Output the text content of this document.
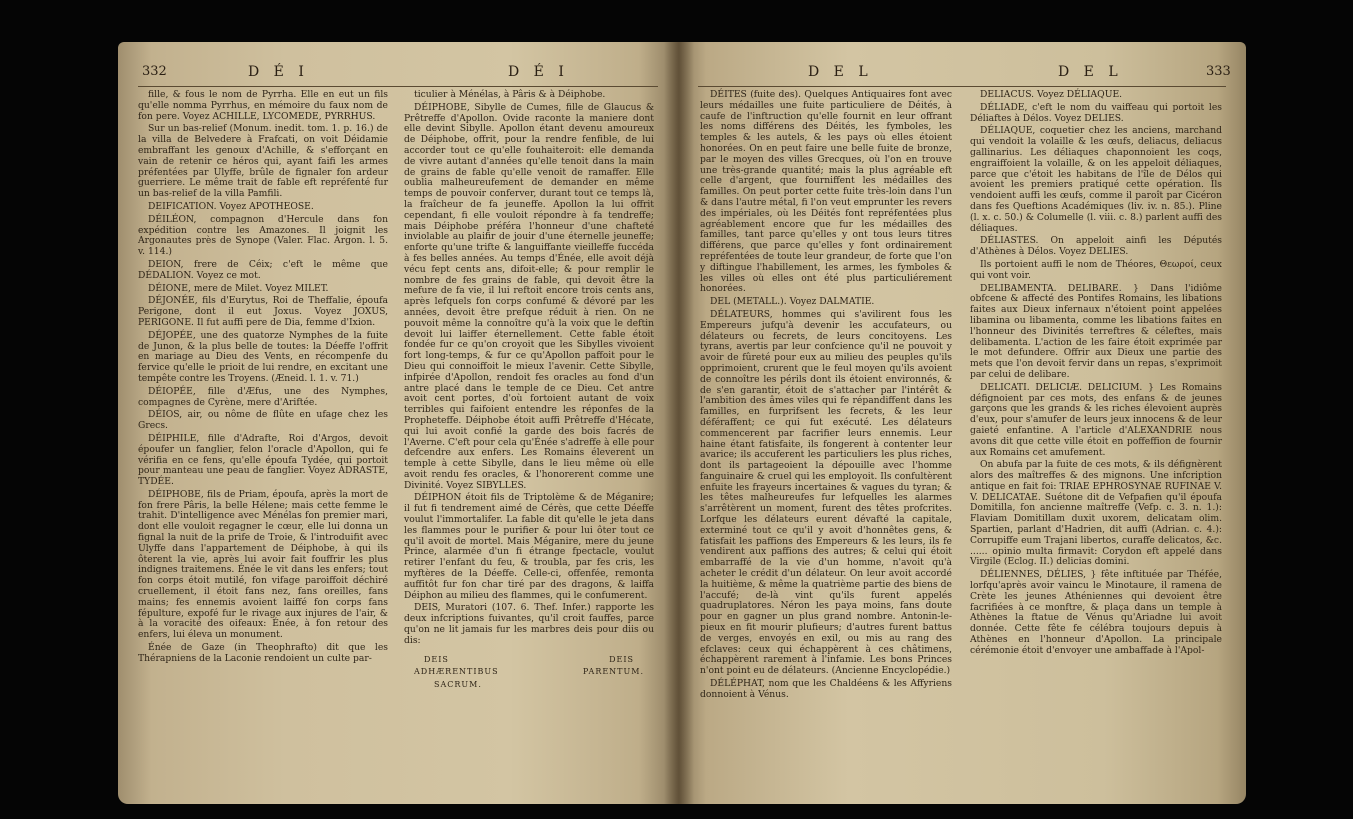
332	D É I	D É I

fille, & fous le nom de Pyrrha. Elle en eut un fils qu'elle nomma Pyrrhus, en mémoire du faux nom de fon pere. Voyez ACHILLE, LYCOMEDE, PYRRHUS.

Sur un bas-relief (Monum. inedit. tom. 1. p. 16.) de la villa de Belvedere à Frafcati, on voit Déidamie embraffant les genoux d'Achille, & s'efforçant en vain de retenir ce héros qui, ayant faifi les armes préfentées par Ulyffe, brûle de fignaler fon ardeur guerriere. Le même trait de fable eft repréfenté fur un bas-relief de la villa Pamfili.

DEIFICATION. Voyez APOTHEOSE.

DÉILÉON, compagnon d'Hercule dans fon expédition contre les Amazones. Il joignit les Argonautes près de Synope (Valer. Flac. Argon. l. 5. v. 114.)

DEION, frere de Céix; c'eft le même que DÉDALION. Voyez ce mot.

DÉIONE, mere de Milet. Voyez MILET.

DÉJONÉE, fils d'Eurytus, Roi de Theffalie, époufa Perigone, dont il eut Joxus. Voyez JOXUS, PERIGONE. Il fut auffi pere de Dia, femme d'Ixion.

DÉJOPÉE, une des quatorze Nymphes de la fuite de Junon, & la plus belle de toutes: la Déeffe l'offrit en mariage au Dieu des Vents, en récompenfe du fervice qu'elle le prioit de lui rendre, en excitant une tempête contre les Troyens. (Æneid. l. 1. v. 71.)

DÉIOPÉE, fille d'Æfus, une des Nymphes, compagnes de Cyrène, mere d'Ariftée.

DÉIOS, air, ou nôme de flûte en ufage chez les Grecs.

DÉIPHILE, fille d'Adrafte, Roi d'Argos, devoit époufer un fanglier, felon l'oracle d'Apollon, qui fe vérifia en ce fens, qu'elle époufa Tydée, qui portoit pour manteau une peau de fanglier. Voyez ADRASTE, TYDÉE.

DÉIPHOBE, fils de Priam, époufa, après la mort de fon frere Pâris, la belle Hélene; mais cette femme le trahit. D'intelligence avec Ménélas fon premier mari, dont elle vouloit regagner le cœur, elle lui donna un fignal la nuit de la prife de Troie, & l'introduifit avec Ulyffe dans l'appartement de Déiphobe, à qui ils ôterent la vie, après lui avoir fait fouffrir les plus indignes traitemens. Énée le vit dans les enfers; tout fon corps étoit mutilé, fon vifage paroiffoit déchiré cruellement, il étoit fans nez, fans oreilles, fans mains; fes ennemis avoient laiffé fon corps fans fépulture, expofé fur le rivage aux injures de l'air, & à la voracité des oifeaux: Énée, à fon retour des enfers, lui éleva un monument.

Énée de Gaze (in Theophrafto) dit que les Thérapniens de la Laconie rendoient un culte par-

ticulier à Ménélas, à Pâris & à Déiphobe.

DÉIPHOBE, Sibylle de Cumes, fille de Glaucus & Prêtreffe d'Apollon. Ovide raconte la maniere dont elle devint Sibylle. Apollon étant devenu amoureux de Déiphobe, offrit, pour la rendre fenfible, de lui accorder tout ce qu'elle fouhaiteroit: elle demanda de vivre autant d'années qu'elle tenoit dans la main de grains de fable qu'elle venoit de ramaffer. Elle oublia malheureufement de demander en même temps de pouvoir conferver, durant tout ce temps là, la fraîcheur de fa jeuneffe. Apollon la lui offrit cependant, fi elle vouloit répondre à fa tendreffe; mais Déiphobe préféra l'honneur d'une chafteté inviolable au plaifir de jouir d'une éternelle jeuneffe; enforte qu'une trifte & languiffante vieilleffe fuccéda à fes belles années. Au temps d'Énée, elle avoit déjà vécu fept cents ans, difoit-elle; & pour remplir le nombre de fes grains de fable, qui devoit être la mefure de fa vie, il lui reftoit encore trois cents ans, après lefquels fon corps confumé & dévoré par les années, devoit être prefque réduit à rien. On ne pouvoit même la connoître qu'à la voix que le deftin devoit lui laiffer éternellement. Cette fable étoit fondée fur ce qu'on croyoit que les Sibylles vivoient fort long-temps, & fur ce qu'Apollon paffoit pour le Dieu qui connoiffoit le mieux l'avenir. Cette Sibylle, infpirée d'Apollon, rendoit fes oracles au fond d'un antre placé dans le temple de ce Dieu. Cet antre avoit cent portes, d'où fortoient autant de voix terribles qui faifoient entendre les réponfes de la Propheteffe. Déiphobe étoit auffi Prêtreffe d'Hécate, qui lui avoit confié la garde des bois facrés de l'Averne. C'eft pour cela qu'Énée s'adreffe à elle pour defcendre aux enfers. Les Romains éleverent un temple à cette Sibylle, dans le lieu même où elle avoit rendu fes oracles, & l'honorerent comme une Divinité. Voyez SIBYLLES.

DÉIPHON étoit fils de Triptolème & de Méganire; il fut fi tendrement aimé de Cérès, que cette Déeffe voulut l'immortalifer. La fable dit qu'elle le jeta dans les flammes pour le purifier & pour lui ôter tout ce qu'il avoit de mortel. Mais Méganire, mere du jeune Prince, alarmée d'un fi étrange fpectacle, voulut retirer l'enfant du feu, & troubla, par fes cris, les myftères de la Déeffe. Celle-ci, offenfée, remonta auffitôt fur fon char tiré par des dragons, & laiffa Déiphon au milieu des flammes, qui le confumerent.

DEIS, Muratori (107. 6. Thef. Infer.) rapporte les deux infcriptions fuivantes, qu'il croit fauffes, parce qu'on ne lit jamais fur les marbres deis pour diis ou dis:

DEIS	DEIS
ADHÆRENTIBUS	PARENTUM.
SACRUM.
D E L	D E L	333

DÉITES (fuite des). Quelques Antiquaires font avec leurs médailles une fuite particuliere de Déités, à caufe de l'inftruction qu'elle fournit en leur offrant les noms différens des Déités, les fymboles, les temples & les autels, & les pays où elles étoient honorées. On en peut faire une belle fuite de bronze, par le moyen des villes Grecques, où l'on en trouve une très-grande quantité; mais la plus agréable eft celle d'argent, que fourniffent les médailles des familles. On peut porter cette fuite très-loin dans l'un & dans l'autre métal, fi l'on veut emprunter les revers des impériales, où les Déités font repréfentées plus agréablement encore que fur les médailles des familles, tant parce qu'elles y ont tous leurs titres différens, que parce qu'elles y font ordinairement repréfentées de toute leur grandeur, de forte que l'on y diftingue l'habillement, les armes, les fymboles & les villes où elles ont été plus particuliérement honorées.

DEL (METALL.). Voyez DALMATIE.

DÉLATEURS, hommes qui s'avilirent fous les Empereurs jufqu'à devenir les accufateurs, ou délateurs ou fecrets, de leurs concitoyens. Les tyrans, avertis par leur confcience qu'il ne pouvoit y avoir de fûreté pour eux au milieu des peuples qu'ils opprimoient, crurent que le feul moyen qu'ils avoient de connoître les périls dont ils étoient environnés, & de s'en garantir, étoit de s'attacher par l'intérêt & l'ambition des âmes viles qui fe répandiffent dans les familles, en furprifsent les fecrets, & les leur déféraffent; ce qui fut exécuté. Les délateurs commencerent par facrifier leurs ennemis. Leur haine étant fatisfaite, ils fongerent à contenter leur avarice; ils accuferent les particuliers les plus riches, dont ils partageoient la dépouille avec l'homme fanguinaire & cruel qui les employoit. Ils confultèrent enfuite les frayeurs incertaines & vagues du tyran; & les têtes malheureufes fur lefquelles les alarmes s'arrêtèrent un moment, furent des têtes profcrites. Lorfque les délateurs eurent dévafté la capitale, exterminé tout ce qu'il y avoit d'honnêtes gens, & fatisfait les paffions des Empereurs & les leurs, ils fe vendirent aux paffions des autres; & celui qui étoit embarraffé de la vie d'un homme, n'avoit qu'à acheter le crédit d'un délateur. On leur avoit accordé la huitième, & même la quatrième partie des biens de l'accufé; de-là vint qu'ils furent appelés quadruplatores. Néron les paya moins, fans doute pour en gagner un plus grand nombre. Antonin-le-pieux en fit mourir plufieurs; d'autres furent battus de verges, envoyés en exil, ou mis au rang des efclaves: ceux qui échappèrent à ces châtimens, échappèrent rarement à l'infamie. Les bons Princes n'ont point eu de délateurs. (Ancienne Encyclopédie.)

DÉLÉPHAT, nom que les Chaldéens & les Affyriens donnoient à Vénus.

DELIACUS. Voyez DÉLIAQUE.

DÉLIADE, c'eft le nom du vaiffeau qui portoit les Déliaftes à Délos. Voyez DELIES.

DÉLIAQUE, coquetier chez les anciens, marchand qui vendoit la volaille & les œufs, deliacus, deliacus gallinarius. Les déliaques chaponnoient les coqs, engraiffoient la volaille, & on les appeloit déliaques, parce que c'étoit les habitans de l'île de Délos qui avoient les premiers pratiqué cette opération. Ils vendoient auffi les œufs, comme il paroît par Cicéron dans fes Queftions Académiques (liv. iv. n. 85.). Pline (l. x. c. 50.) & Columelle (l. viii. c. 8.) parlent auffi des déliaques.

DÉLIASTES. On appeloit ainfi les Députés d'Athènes à Délos. Voyez DELIES.

Ils portoient auffi le nom de Théores, Θεωροί, ceux qui vont voir.

DELIBAMENTA. DELIBARE. } Dans l'idiôme obfcene & affecté des Pontifes Romains, les libations faites aux Dieux infernaux n'étoient point appelées libamina ou libamenta, comme les libations faites en l'honneur des Divinités terreftres & céleftes, mais delibamenta. L'action de les faire étoit exprimée par le mot defundere. Offrir aux Dieux une partie des mets que l'on devoit fervir dans un repas, s'exprimoit par celui de delibare.

DELICATI. DELICIÆ. DELICIUM. } Les Romains défignoient par ces mots, des enfans & de jeunes garçons que les grands & les riches élevoient auprès d'eux, pour s'amufer de leurs jeux innocens & de leur gaieté enfantine. A l'article d'ALEXANDRIE nous avons dit que cette ville étoit en poffeffion de fournir aux Romains cet amufement.

On abufa par la fuite de ces mots, & ils défignèrent alors des maîtreffes & des mignons. Une infcription antique en fait foi: TRIAE EPHROSYNAE RUFINAE V. V. DELICATAE. Suétone dit de Vefpafien qu'il époufa Domitilla, fon ancienne maîtreffe (Vefp. c. 3. n. 1.): Flaviam Domitillam duxit uxorem, delicatam olim. Spartien, parlant d'Hadrien, dit auffi (Adrian. c. 4.): Corrupiffe eum Trajani libertos, curaffe delicatos, &c. ...... opinio multa firmavit: Corydon eft appelé dans Virgile (Eclog. II.) delicias domini.

DÉLIENNES, DÉLIES, } fête inftituée par Théfée, lorfqu'après avoir vaincu le Minotaure, il ramena de Crète les jeunes Athéniennes qui devoient être facrifiées à ce monftre, & plaça dans un temple à Athènes la ftatue de Vénus qu'Ariadne lui avoit donnée. Cette fête fe célébra toujours depuis à Athènes en l'honneur d'Apollon. La principale cérémonie étoit d'envoyer une ambaffade à l'Apol-
